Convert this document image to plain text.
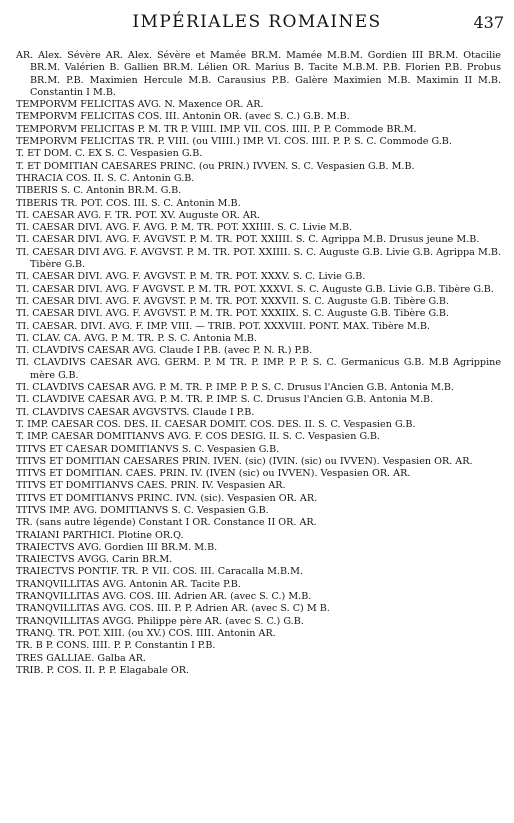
IMPÉRIALES ROMAINES	437
AR. Alex. Sévère AR. Alex. Sévère et Mamée BR.M. Mamée M.B.M. Gordien III BR.M. Otacilie BR.M. Valérien B. Gallien BR.M. Lélien OR. Marius B. Tacite M.B.M. P.B. Florien P.B. Probus BR.M. P.B. Maximien Hercule M.B. Carausius P.B. Galère Maximien M.B. Maximin II M.B. Constantin I M.B.
TEMPORVM FELICITAS AVG. N. Maxence OR. AR.
TEMPORVM FELICITAS COS. III. Antonin OR. (avec S. C.) G.B. M.B.
TEMPORVM FELICITAS P. M. TR P. VIIII. IMP. VII. COS. IIII. P. P. Commode BR.M.
TEMPORVM FELICITAS TR. P. VIII. (ou VIIII.) IMP. VI. COS. IIII. P. P. S. C. Commode G.B.
T. ET DOM. C. EX S. C. Vespasien G.B.
T. ET DOMITIAN CAESARES PRINC. (ou PRIN.) IVVEN. S. C. Vespasien G.B. M.B.
THRACIA COS. II. S. C. Antonin G.B.
TIBERIS S. C. Antonin BR.M. G.B.
TIBERIS TR. POT. COS. III. S. C. Antonin M.B.
TI. CAESAR AVG. F. TR. POT. XV. Auguste OR. AR.
TI. CAESAR DIVI. AVG. F. AVG. P. M. TR. POT. XXIIII. S. C. Livie M.B.
TI. CAESAR DIVI. AVG. F. AVGVST. P. M. TR. POT. XXIIII. S. C. Agrippa M.B. Drusus jeune M.B.
TI. CAESAR DIVI AVG. F. AVGVST. P. M. TR. POT. XXIIII. S. C. Auguste G.B. Livie G.B. Agrippa M.B. Tibère G.B.
TI. CAESAR DIVI. AVG. F. AVGVST. P. M. TR. POT. XXXV. S. C. Livie G.B.
TI. CAESAR DIVI. AVG. F AVGVST. P. M. TR. POT. XXXVI. S. C. Auguste G.B. Livie G.B. Tibère G.B.
TI. CAESAR DIVI. AVG. F. AVGVST. P. M. TR. POT. XXXVII. S. C. Auguste G.B. Tibère G.B.
TI. CAESAR DIVI. AVG. F. AVGVST. P. M. TR. POT. XXXIIX. S. C. Auguste G.B. Tibère G.B.
TI. CAESAR. DIVI. AVG. F. IMP. VIII. — TRIB. POT. XXXVIII. PONT. MAX. Tibère M.B.
TI. CLAV. CA. AVG. P. M. TR. P. S. C. Antonia M.B.
TI. CLAVDIVS CAESAR AVG. Claude I P.B. (avec P. N. R.) P.B.
TI. CLAVDIVS CAESAR AVG. GERM. P. M TR. P. IMP. P. P. S. C. Germanicus G.B. M.B Agrippine mère G.B.
TI. CLAVDIVS CAESAR AVG. P. M. TR. P. IMP. P. P. S. C. Drusus l'Ancien G.B. Antonia M.B.
TI. CLAVDIVE CAESAR AVG. P. M. TR. P. IMP. S. C. Drusus l'Ancien G.B. Antonia M.B.
TI. CLAVDIVS CAESAR AVGVSTVS. Claude I P.B.
T. IMP. CAESAR COS. DES. II. CAESAR DOMIT. COS. DES. II. S. C. Vespasien G.B.
T. IMP. CAESAR DOMITIANVS AVG. F. COS DESIG. II. S. C. Vespasien G.B.
TITVS ET CAESAR DOMITIANVS S. C. Vespasien G.B.
TITVS ET DOMITIAN CAESARES PRIN. IVEN. (sic) (IVIN. (sic) ou IVVEN). Vespasien OR. AR.
TITVS ET DOMITIAN. CAES. PRIN. IV. (IVEN (sic) ou IVVEN). Vespasien OR. AR.
TITVS ET DOMITIANVS CAES. PRIN. IV. Vespasien AR.
TITVS ET DOMITIANVS PRINC. IVN. (sic). Vespasien OR. AR.
TITVS IMP. AVG. DOMITIANVS S. C. Vespasien G.B.
TR. (sans autre légende) Constant I OR. Constance II OR. AR.
TRAIANI PARTHICI. Plotine OR.Q.
TRAIECTVS AVG. Gordien III BR.M. M.B.
TRAIECTVS AVGG. Carin BR.M.
TRAIECTVS PONTIF. TR. P. VII. COS. III. Caracalla M.B.M.
TRANQVILLITAS AVG. Antonin AR. Tacite P.B.
TRANQVILLITAS AVG. COS. III. Adrien AR. (avec S. C.) M.B.
TRANQVILLITAS AVG. COS. III. P. P. Adrien AR. (avec S. C) M B.
TRANQVILLITAS AVGG. Philippe père AR. (avec S. C.) G.B.
TRANQ. TR. POT. XIII. (ou XV.) COS. IIII. Antonin AR.
TR. B P. CONS. IIII. P. P. Constantin I P.B.
TRES GALLIAE. Galba AR.
TRIB. P. COS. II. P. P. Elagabale OR.
